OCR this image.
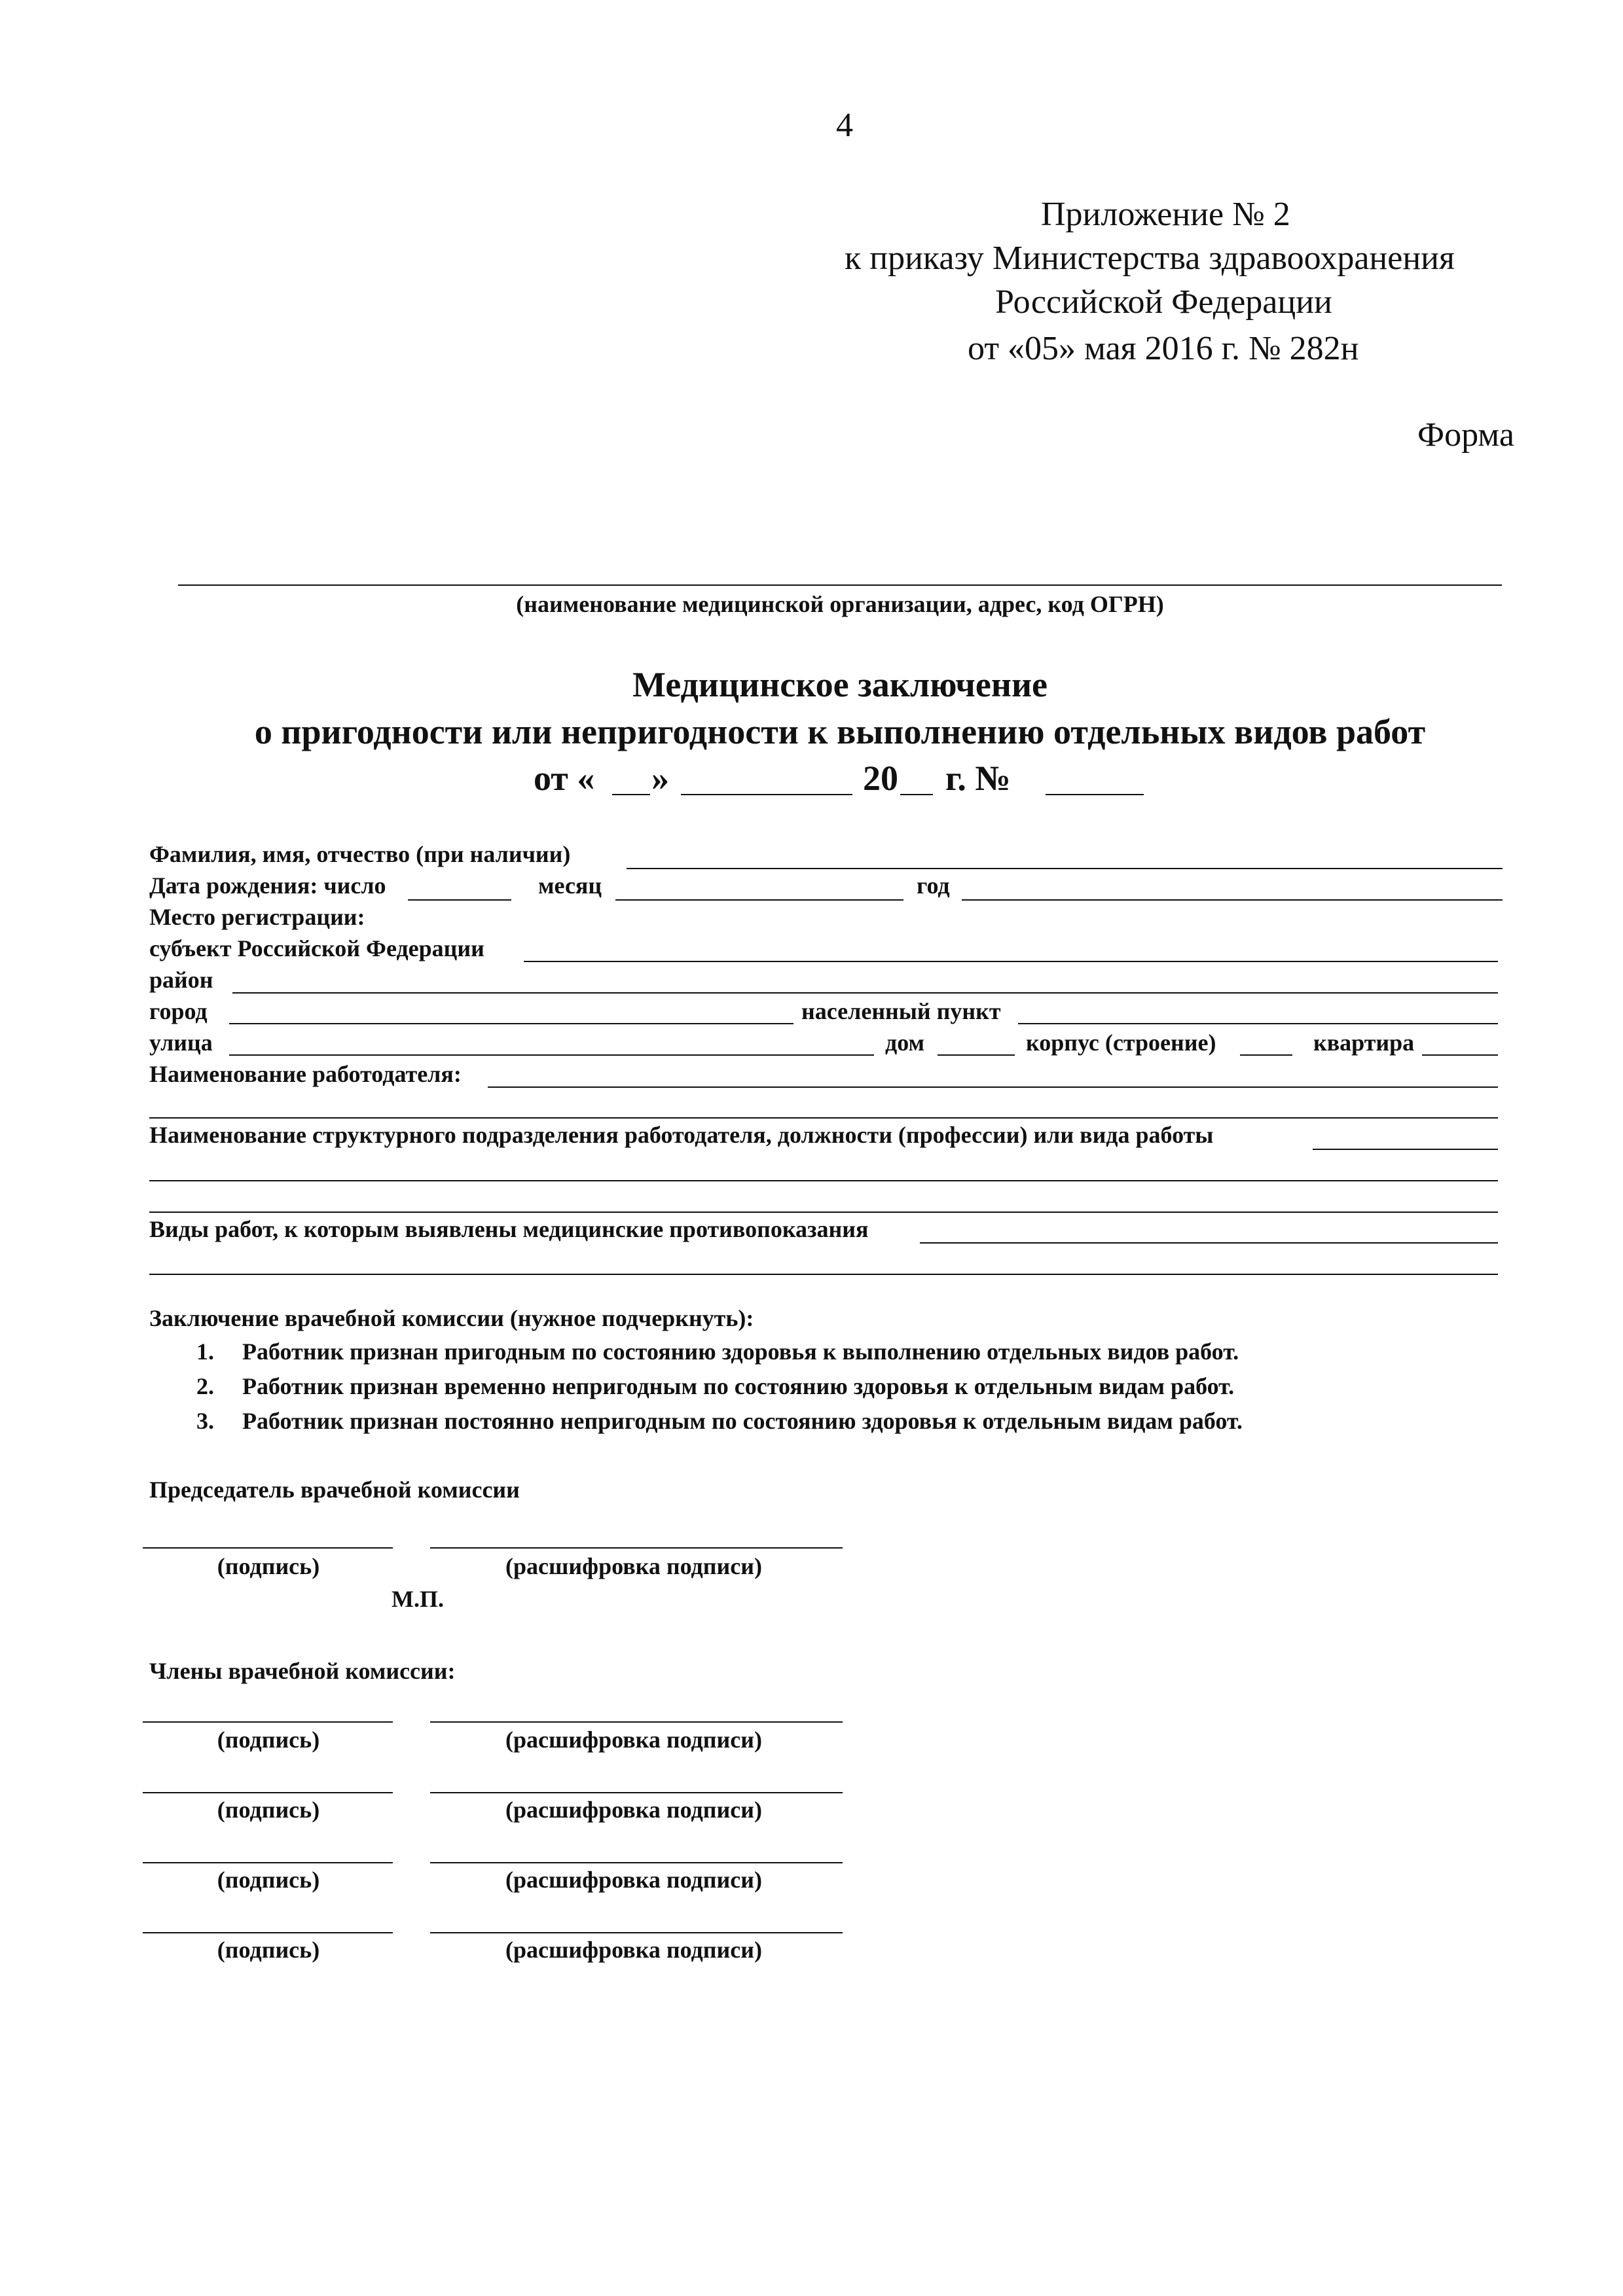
4
Приложение № 2
к приказу Министерства здравоохранения
Российской Федерации
от «05» мая 2016 г. № 282н
Форма
(наименование медицинской организации, адрес, код ОГРН)
Медицинское заключение
о пригодности или непригодности к выполнению отдельных видов работ
от « »	20 г. №
Фамилия, имя, отчество (при наличии)
Дата рождения: число	месяц	год
Место регистрации:
субъект Российской Федерации
район
город	населенный пункт
улица	дом	корпус (строение)	квартира
Наименование работодателя:
Наименование структурного подразделения работодателя, должности (профессии) или вида работы
Виды работ, к которым выявлены медицинские противопоказания
Заключение врачебной комиссии (нужное подчеркнуть):
1. Работник признан пригодным по состоянию здоровья к выполнению отдельных видов работ.
2. Работник признан временно непригодным по состоянию здоровья к отдельным видам работ.
3. Работник признан постоянно непригодным по состоянию здоровья к отдельным видам работ.
Председатель врачебной комиссии
(подпись)	(расшифровка подписи)
М.П.
Члены врачебной комиссии:
(подпись)	(расшифровка подписи)
(подпись)	(расшифровка подписи)
(подпись)	(расшифровка подписи)
(подпись)	(расшифровка подписи)
